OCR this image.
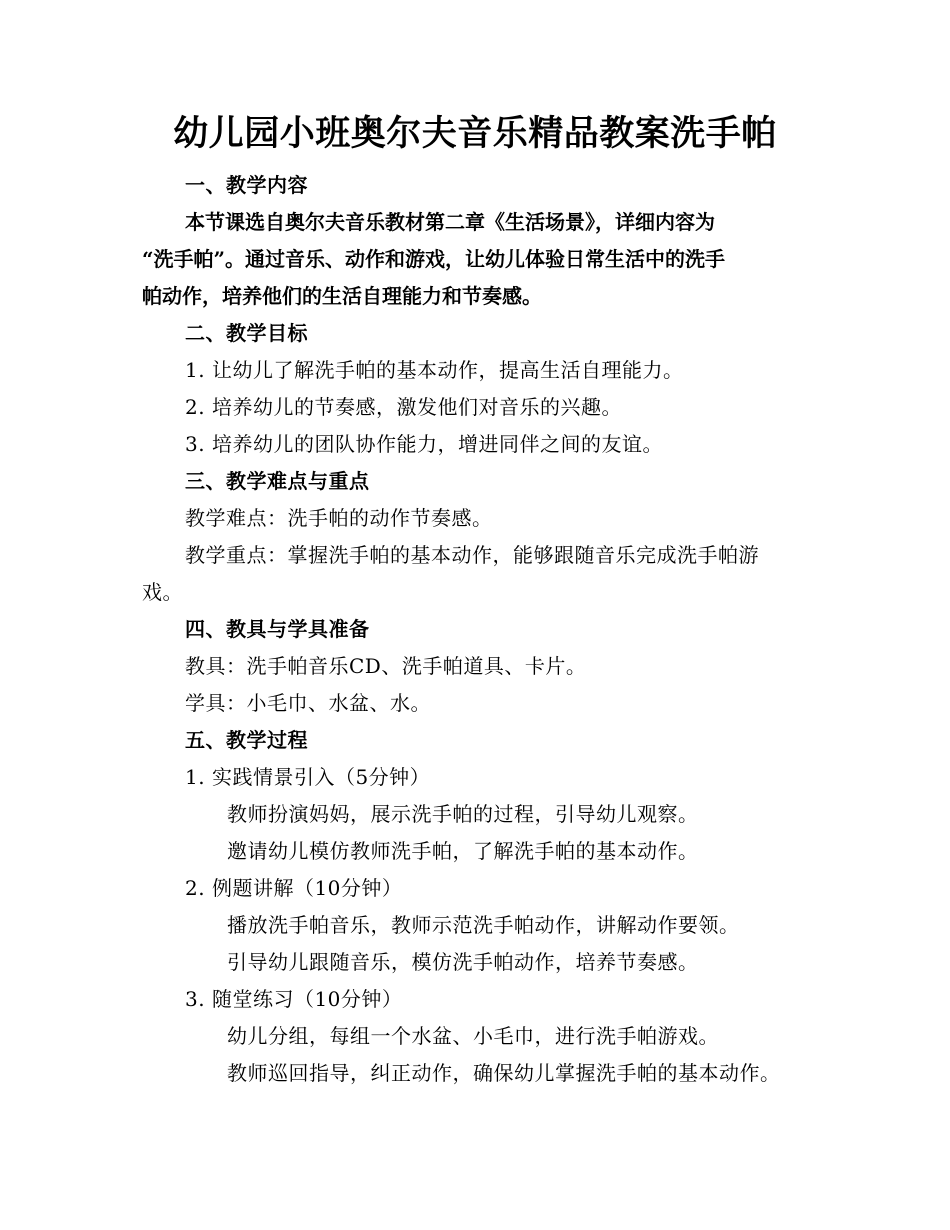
幼儿园小班奥尔夫音乐精品教案洗手帕

一、教学内容

本节课选自奥尔夫音乐教材第二章《生活场景》，详细内容为

“洗手帕”。通过音乐、动作和游戏，让幼儿体验日常生活中的洗手

帕动作，培养他们的生活自理能力和节奏感。

二、教学目标

1. 让幼儿了解洗手帕的基本动作，提高生活自理能力。

2. 培养幼儿的节奏感，激发他们对音乐的兴趣。

3. 培养幼儿的团队协作能力，增进同伴之间的友谊。

三、教学难点与重点

教学难点：洗手帕的动作节奏感。

教学重点：掌握洗手帕的基本动作，能够跟随音乐完成洗手帕游

戏。

四、教具与学具准备

教具：洗手帕音乐CD、洗手帕道具、卡片。

学具：小毛巾、水盆、水。

五、教学过程

1. 实践情景引入（5分钟）

教师扮演妈妈，展示洗手帕的过程，引导幼儿观察。

邀请幼儿模仿教师洗手帕，了解洗手帕的基本动作。

2. 例题讲解（10分钟）

播放洗手帕音乐，教师示范洗手帕动作，讲解动作要领。

引导幼儿跟随音乐，模仿洗手帕动作，培养节奏感。

3. 随堂练习（10分钟）

幼儿分组，每组一个水盆、小毛巾，进行洗手帕游戏。

教师巡回指导，纠正动作，确保幼儿掌握洗手帕的基本动作。
